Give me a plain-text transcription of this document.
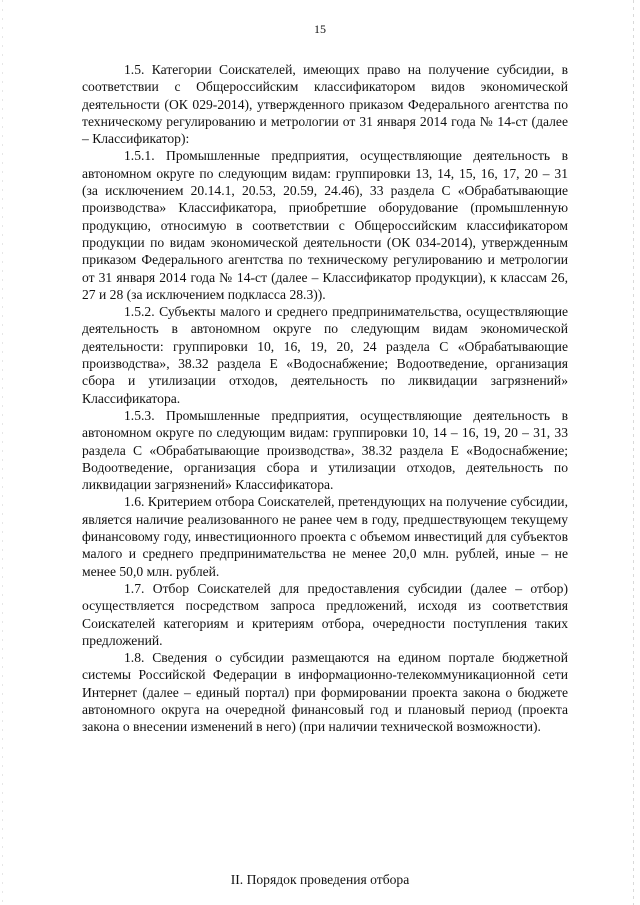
15

1.5. Категории Соискателей, имеющих право на получение субсидии, в соответствии с Общероссийским классификатором видов экономической деятельности (ОК 029-2014), утвержденного приказом Федерального агентства по техническому регулированию и метрологии от 31 января 2014 года № 14-ст (далее – Классификатор):

1.5.1. Промышленные предприятия, осуществляющие деятельность в автономном округе по следующим видам: группировки 13, 14, 15, 16, 17, 20 – 31 (за исключением 20.14.1, 20.53, 20.59, 24.46), 33 раздела С «Обрабатывающие производства» Классификатора, приобретшие оборудование (промышленную продукцию, относимую в соответствии с Общероссийским классификатором продукции по видам экономической деятельности (ОК 034-2014), утвержденным приказом Федерального агентства по техническому регулированию и метрологии от 31 января 2014 года № 14-ст (далее – Классификатор продукции), к классам 26, 27 и 28 (за исключением подкласса 28.3)).

1.5.2. Субъекты малого и среднего предпринимательства, осуществляющие деятельность в автономном округе по следующим видам экономической деятельности: группировки 10, 16, 19, 20, 24 раздела С «Обрабатывающие производства», 38.32 раздела Е «Водоснабжение; Водоотведение, организация сбора и утилизации отходов, деятельность по ликвидации загрязнений» Классификатора.

1.5.3. Промышленные предприятия, осуществляющие деятельность в автономном округе по следующим видам: группировки 10, 14 – 16, 19, 20 – 31, 33 раздела С «Обрабатывающие производства», 38.32 раздела Е «Водоснабжение; Водоотведение, организация сбора и утилизации отходов, деятельность по ликвидации загрязнений» Классификатора.

1.6. Критерием отбора Соискателей, претендующих на получение субсидии, является наличие реализованного не ранее чем в году, предшествующем текущему финансовому году, инвестиционного проекта с объемом инвестиций для субъектов малого и среднего предпринимательства не менее 20,0 млн. рублей, иные – не менее 50,0 млн. рублей.

1.7. Отбор Соискателей для предоставления субсидии (далее – отбор) осуществляется посредством запроса предложений, исходя из соответствия Соискателей категориям и критериям отбора, очередности поступления таких предложений.

1.8. Сведения о субсидии размещаются на едином портале бюджетной системы Российской Федерации в информационно-телекоммуникационной сети Интернет (далее – единый портал) при формировании проекта закона о бюджете автономного округа на очередной финансовый год и плановый период (проекта закона о внесении изменений в него) (при наличии технической возможности).

II. Порядок проведения отбора
